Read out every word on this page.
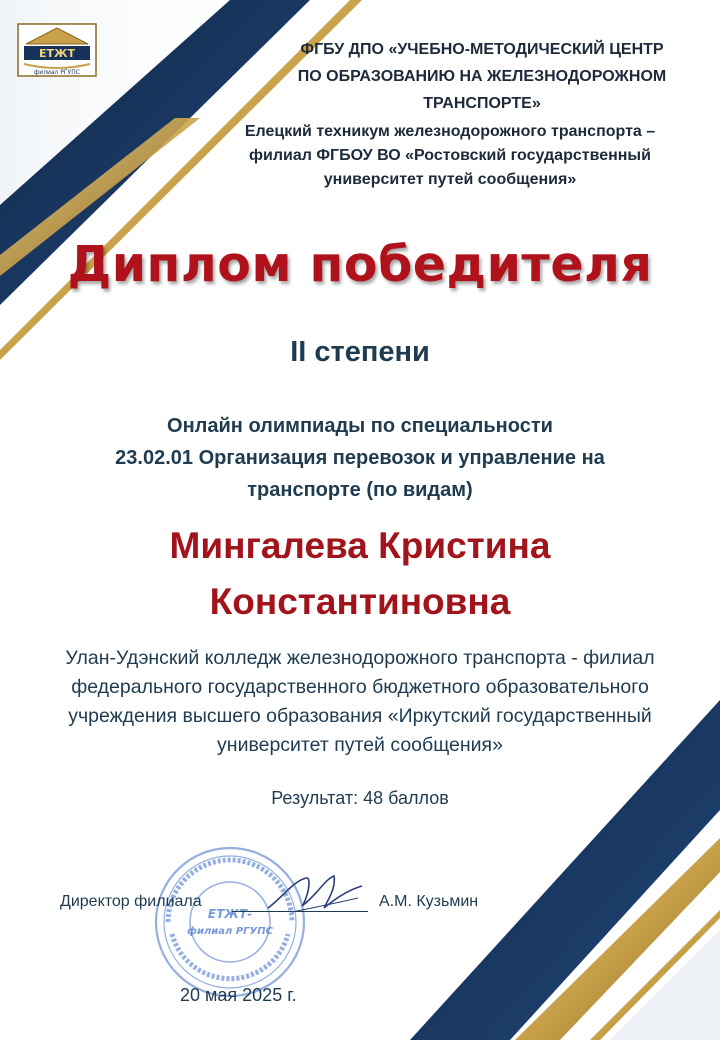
ЕТЖТ
филиал РГУПС
ФГБУ ДПО «УЧЕБНО-МЕТОДИЧЕСКИЙ ЦЕНТР
ПО ОБРАЗОВАНИЮ НА ЖЕЛЕЗНОДОРОЖНОМ
ТРАНСПОРТЕ»
Елецкий техникум железнодорожного транспорта –
филиал ФГБОУ ВО «Ростовский государственный
университет путей сообщения»
Диплом победителя
II степени
Онлайн олимпиады по специальности
23.02.01 Организация перевозок и управление на
транспорте (по видам)
Мингалева Кристина
Константиновна
Улан-Удэнский колледж железнодорожного транспорта - филиал
федерального государственного бюджетного образовательного
учреждения высшего образования «Иркутский государственный
университет путей сообщения»
Результат: 48 баллов
ЕТЖТ-
филиал РГУПС
Директор филиала	А.М. Кузьмин
20 мая 2025 г.
